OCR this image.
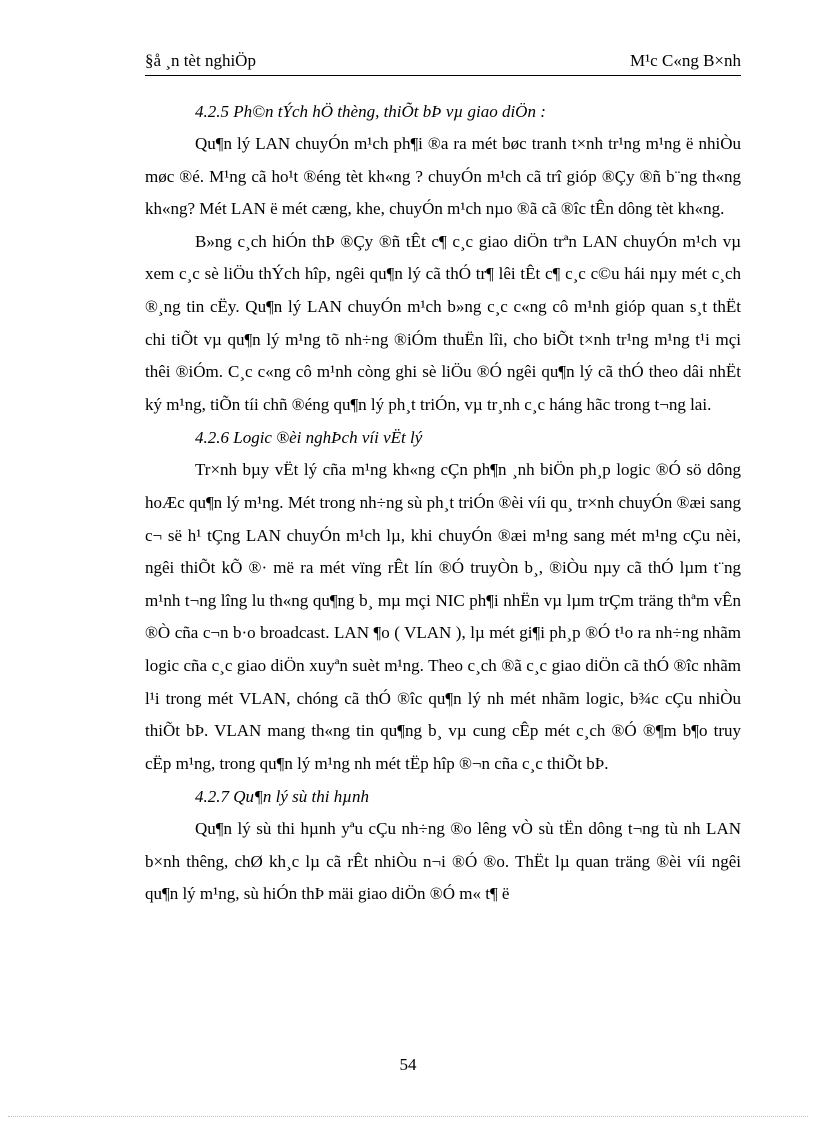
§å ¸n tèt nghiÖp	M¹c C«ng B×nh

4.2.5 Ph©n tÝch hÖ thèng, thiÕt bÞ vµ giao diÖn :

Qu¶n lý LAN chuyÓn m¹ch ph¶i ®a ra mét bøc tranh t×nh tr¹ng m¹ng ë nhiÒu møc ®é. M¹ng cã ho¹t ®éng tèt kh«ng ? chuyÓn m¹ch cã trî gióp ®Çy ®ñ b¨ng th«ng kh«ng? Mét LAN ë mét cæng, khe, chuyÓn m¹ch nµo ®ã cã ®îc tÊn dông tèt kh«ng.

B»ng c¸ch hiÓn thÞ ®Çy ®ñ tÊt c¶ c¸c giao diÖn trªn LAN chuyÓn m¹ch vµ xem c¸c sè liÖu thÝch hîp, ngêi qu¶n lý cã thÓ tr¶ lêi tÊt c¶ c¸c c©u hái nµy mét c¸ch ®¸ng tin cËy. Qu¶n lý LAN chuyÓn m¹ch b»ng c¸c c«ng cô m¹nh gióp quan s¸t thËt chi tiÕt vµ qu¶n lý m¹ng tõ nh÷ng ®iÓm thuËn lîi, cho biÕt t×nh tr¹ng m¹ng t¹i mçi thêi ®iÓm. C¸c c«ng cô m¹nh còng ghi sè liÖu ®Ó ngêi qu¶n lý cã thÓ theo dâi nhËt ký m¹ng, tiÕn tíi chñ ®éng qu¶n lý ph¸t triÓn, vµ tr¸nh c¸c háng hãc trong t¬ng lai.

4.2.6 Logic ®èi nghÞch víi vËt lý

Tr×nh bµy vËt lý cña m¹ng kh«ng cÇn ph¶n ¸nh biÖn ph¸p logic ®Ó sö dông hoÆc qu¶n lý m¹ng. Mét trong nh÷ng sù ph¸t triÓn ®èi víi qu¸ tr×nh chuyÓn ®æi sang c¬ së h¹ tÇng LAN chuyÓn m¹ch lµ, khi chuyÓn ®æi m¹ng sang mét m¹ng cÇu nèi, ngêi thiÕt kÕ ®· më ra mét vïng rÊt lín ®Ó truyÒn b¸, ®iÒu nµy cã thÓ lµm t¨ng m¹nh t¬ng lîng lu th«ng qu¶ng b¸ mµ mçi NIC ph¶i nhËn vµ lµm trÇm träng thªm vÊn ®Ò cña c¬n b·o broadcast. LAN ¶o ( VLAN ), lµ mét gi¶i ph¸p ®Ó t¹o ra nh÷ng nhãm logic cña c¸c giao diÖn xuyªn suèt m¹ng. Theo c¸ch ®ã c¸c giao diÖn cã thÓ ®îc nhãm l¹i trong mét VLAN, chóng cã thÓ ®îc qu¶n lý nh mét nhãm logic, b¾c cÇu nhiÒu thiÕt bÞ. VLAN mang th«ng tin qu¶ng b¸ vµ cung cÊp mét c¸ch ®Ó ®¶m b¶o truy cËp m¹ng, trong qu¶n lý m¹ng nh mét tËp hîp ®¬n cña c¸c thiÕt bÞ.

4.2.7 Qu¶n lý sù thi hµnh

Qu¶n lý sù thi hµnh yªu cÇu nh÷ng ®o lêng vÒ sù tËn dông t¬ng tù nh LAN b×nh thêng, chØ kh¸c lµ cã rÊt nhiÒu n¬i ®Ó ®o. ThËt lµ quan träng ®èi víi ngêi qu¶n lý m¹ng, sù hiÓn thÞ mäi giao diÖn ®Ó m« t¶ ë

54
